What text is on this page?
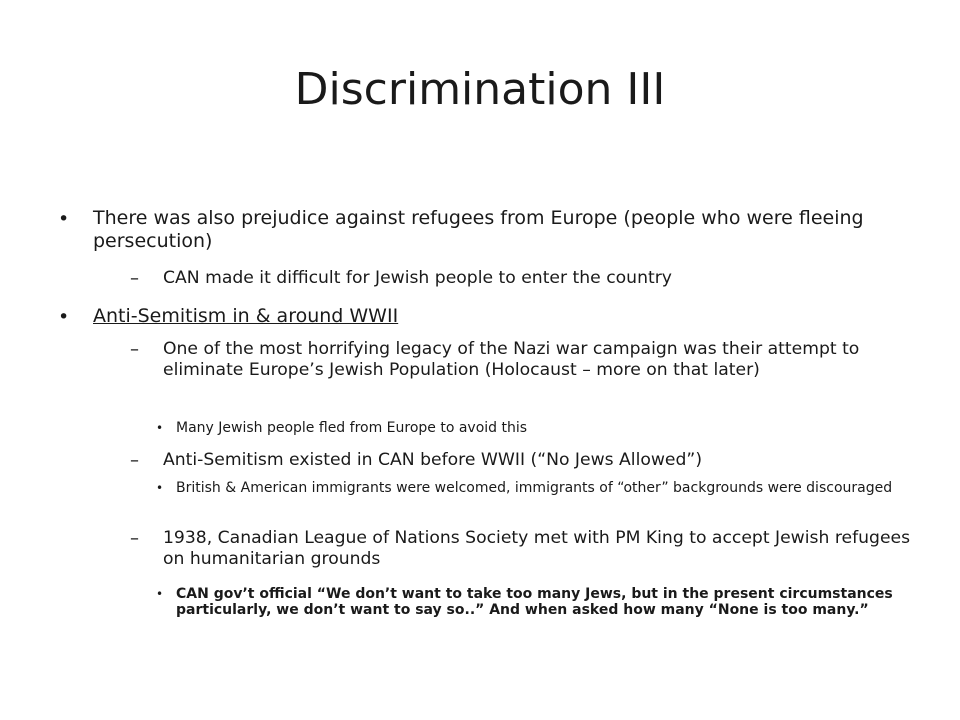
Discrimination III
•	There was also prejudice against refugees from Europe (people who were fleeing persecution)
–	CAN made it difficult for Jewish people to enter the country
•	Anti-Semitism in & around WWII
–	One of the most horrifying legacy of the Nazi war campaign was their attempt to eliminate Europe’s Jewish Population (Holocaust – more on that later)
• Many Jewish people fled from Europe to avoid this
–	Anti-Semitism existed in CAN before WWII (“No Jews Allowed”)
• British & American immigrants were welcomed, immigrants of “other” backgrounds were discouraged
–	1938, Canadian League of Nations Society met with PM King to accept Jewish refugees on humanitarian grounds
• CAN gov’t official “We don’t want to take too many Jews, but in the present circumstances particularly, we don’t want to say so..” And when asked how many “None is too many.”
